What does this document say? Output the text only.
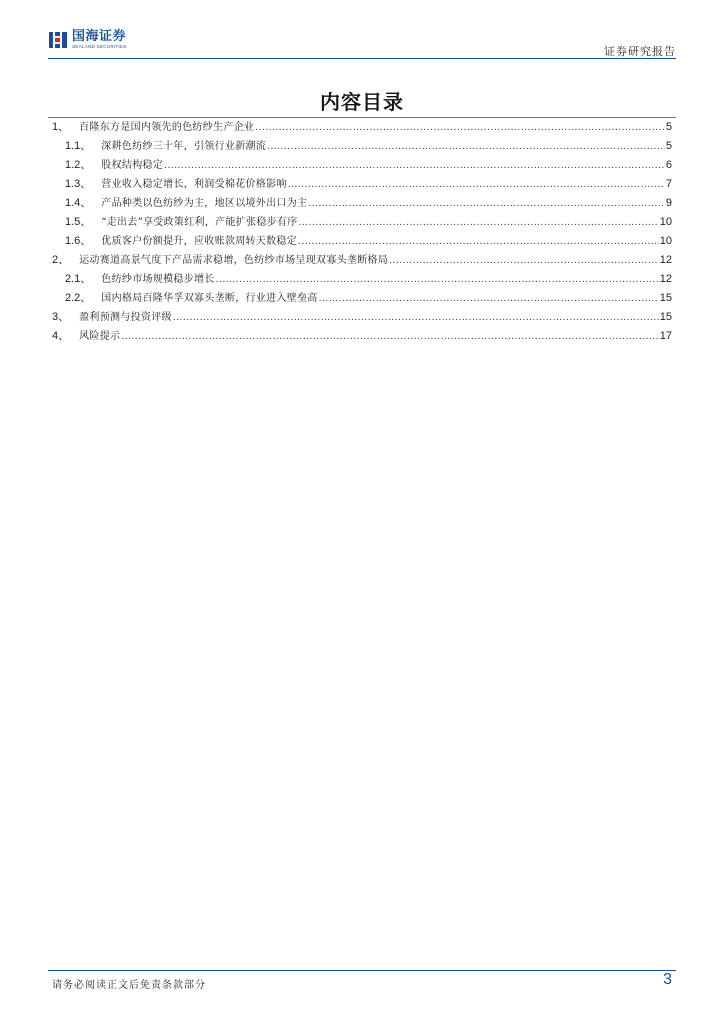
国海证券
SEALAND SECURITIES	证券研究报告
内容目录
1、 百隆东方是国内领先的色纺纱生产企业 .....	5
1.1、 深耕色纺纱三十年，引领行业新潮流 .....	5
1.2、 股权结构稳定 .....	6
1.3、 营业收入稳定增长，利润受棉花价格影响 .....	7
1.4、 产品种类以色纺纱为主，地区以境外出口为主 .....	9
1.5、 “走出去”享受政策红利，产能扩张稳步有序 .....	10
1.6、 优质客户份额提升，应收账款周转天数稳定 .....	10
2、 运动赛道高景气度下产品需求稳增，色纺纱市场呈现双寡头垄断格局 .....	12
2.1、 色纺纱市场规模稳步增长 .....	12
2.2、 国内格局百隆华孚双寡头垄断，行业进入壁垒高 .....	15
3、 盈利预测与投资评级 .....	15
4、 风险提示 .....	17
请务必阅读正文后免责条款部分	3
